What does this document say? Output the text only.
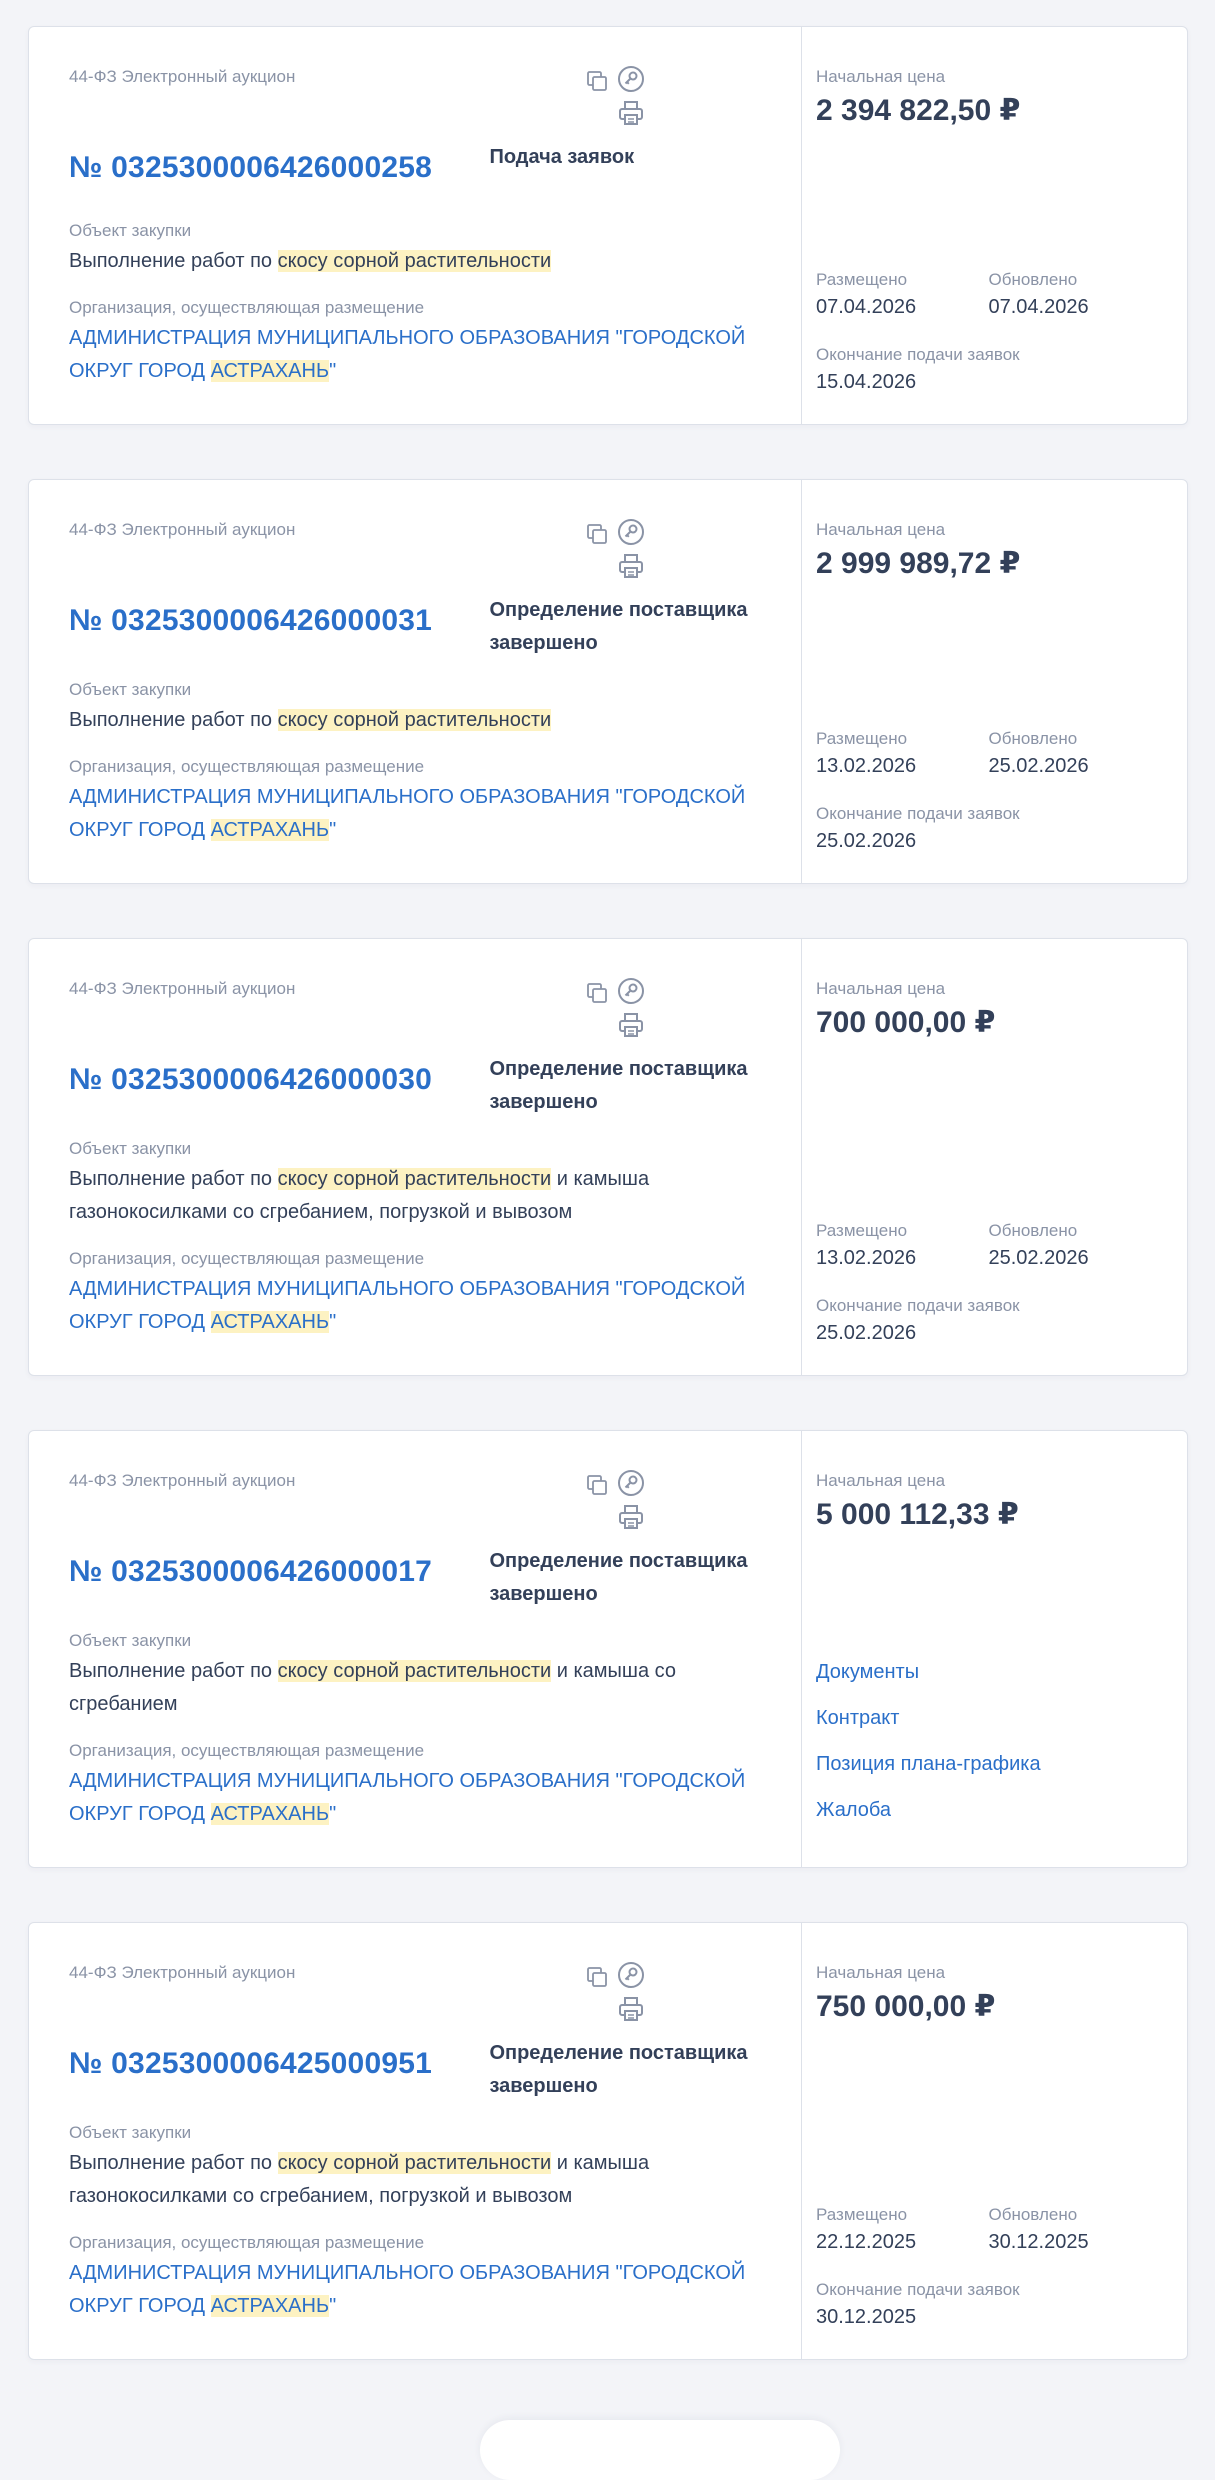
44-ФЗ Электронный аукцион
№ 0325300006426000258	Подача заявок
Объект закупки
Выполнение работ по скосу сорной растительности
Организация, осуществляющая размещение
АДМИНИСТРАЦИЯ МУНИЦИПАЛЬНОГО ОБРАЗОВАНИЯ "ГОРОДСКОЙ ОКРУГ ГОРОД АСТРАХАНЬ"
Начальная цена
2 394 822,50 ₽
Размещено
07.04.2026
Обновлено
07.04.2026
Окончание подачи заявок
15.04.2026
44-ФЗ Электронный аукцион
№ 0325300006426000031	Определение поставщика завершено
Объект закупки
Выполнение работ по скосу сорной растительности
Организация, осуществляющая размещение
АДМИНИСТРАЦИЯ МУНИЦИПАЛЬНОГО ОБРАЗОВАНИЯ "ГОРОДСКОЙ ОКРУГ ГОРОД АСТРАХАНЬ"
Начальная цена
2 999 989,72 ₽
Размещено
13.02.2026
Обновлено
25.02.2026
Окончание подачи заявок
25.02.2026
44-ФЗ Электронный аукцион
№ 0325300006426000030	Определение поставщика завершено
Объект закупки
Выполнение работ по скосу сорной растительности и камыша газонокосилками со сгребанием, погрузкой и вывозом
Организация, осуществляющая размещение
АДМИНИСТРАЦИЯ МУНИЦИПАЛЬНОГО ОБРАЗОВАНИЯ "ГОРОДСКОЙ ОКРУГ ГОРОД АСТРАХАНЬ"
Начальная цена
700 000,00 ₽
Размещено
13.02.2026
Обновлено
25.02.2026
Окончание подачи заявок
25.02.2026
44-ФЗ Электронный аукцион
№ 0325300006426000017	Определение поставщика завершено
Объект закупки
Выполнение работ по скосу сорной растительности и камыша со сгребанием
Организация, осуществляющая размещение
АДМИНИСТРАЦИЯ МУНИЦИПАЛЬНОГО ОБРАЗОВАНИЯ "ГОРОДСКОЙ ОКРУГ ГОРОД АСТРАХАНЬ"
Начальная цена
5 000 112,33 ₽
Документы
Контракт
Позиция плана-графика
Жалоба
44-ФЗ Электронный аукцион
№ 0325300006425000951	Определение поставщика завершено
Объект закупки
Выполнение работ по скосу сорной растительности и камыша газонокосилками со сгребанием, погрузкой и вывозом
Организация, осуществляющая размещение
АДМИНИСТРАЦИЯ МУНИЦИПАЛЬНОГО ОБРАЗОВАНИЯ "ГОРОДСКОЙ ОКРУГ ГОРОД АСТРАХАНЬ"
Начальная цена
750 000,00 ₽
Размещено
22.12.2025
Обновлено
30.12.2025
Окончание подачи заявок
30.12.2025
